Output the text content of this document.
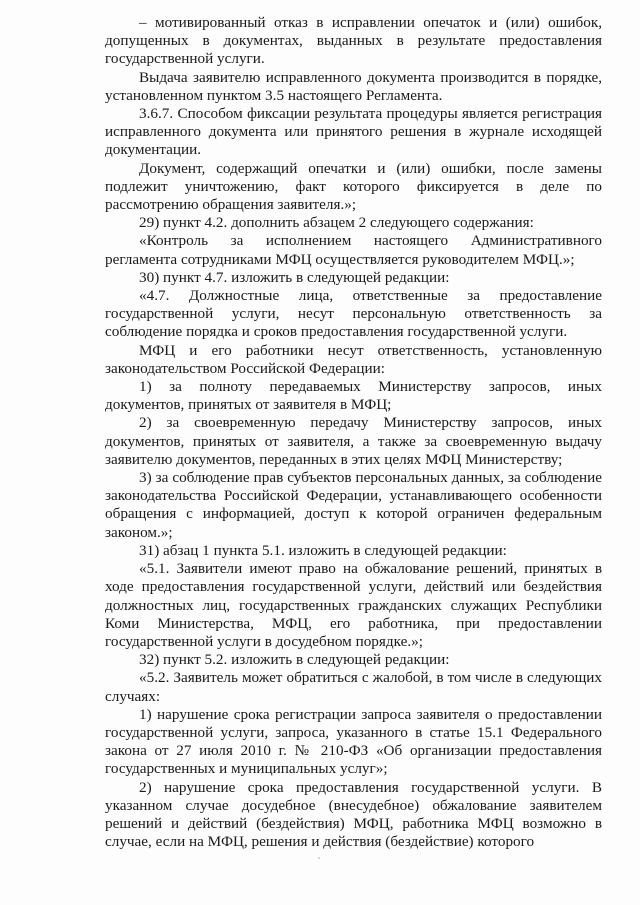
– мотивированный отказ в исправлении опечаток и (или) ошибок, допущенных в документах, выданных в результате предоставления государственной услуги.

Выдача заявителю исправленного документа производится в порядке, установленном пунктом 3.5 настоящего Регламента.

3.6.7. Способом фиксации результата процедуры является регистрация исправленного документа или принятого решения в журнале исходящей документации.

Документ, содержащий опечатки и (или) ошибки, после замены подлежит уничтожению, факт которого фиксируется в деле по рассмотрению обращения заявителя.»;

29) пункт 4.2. дополнить абзацем 2 следующего содержания:

«Контроль за исполнением настоящего Административного регламента сотрудниками МФЦ осуществляется руководителем МФЦ.»;

30) пункт 4.7. изложить в следующей редакции:

«4.7. Должностные лица, ответственные за предоставление государственной услуги, несут персональную ответственность за соблюдение порядка и сроков предоставления государственной услуги.

МФЦ и его работники несут ответственность, установленную законодательством Российской Федерации:

1) за полноту передаваемых Министерству запросов, иных документов, принятых от заявителя в МФЦ;

2) за своевременную передачу Министерству запросов, иных документов, принятых от заявителя, а также за своевременную выдачу заявителю документов, переданных в этих целях МФЦ Министерству;

3) за соблюдение прав субъектов персональных данных, за соблюдение законодательства Российской Федерации, устанавливающего особенности обращения с информацией, доступ к которой ограничен федеральным законом.»;

31) абзац 1 пункта 5.1. изложить в следующей редакции:

«5.1. Заявители имеют право на обжалование решений, принятых в ходе предоставления государственной услуги, действий или бездействия должностных лиц, государственных гражданских служащих Республики Коми Министерства, МФЦ, его работника, при предоставлении государственной услуги в досудебном порядке.»;

32) пункт 5.2. изложить в следующей редакции:

«5.2. Заявитель может обратиться с жалобой, в том числе в следующих случаях:

1) нарушение срока регистрации запроса заявителя о предоставлении государственной услуги, запроса, указанного в статье 15.1 Федерального закона от 27 июля 2010 г. № 210-ФЗ «Об организации предоставления государственных и муниципальных услуг»;

2) нарушение срока предоставления государственной услуги. В указанном случае досудебное (внесудебное) обжалование заявителем решений и действий (бездействия) МФЦ, работника МФЦ возможно в случае, если на МФЦ, решения и действия (бездействие) которого
